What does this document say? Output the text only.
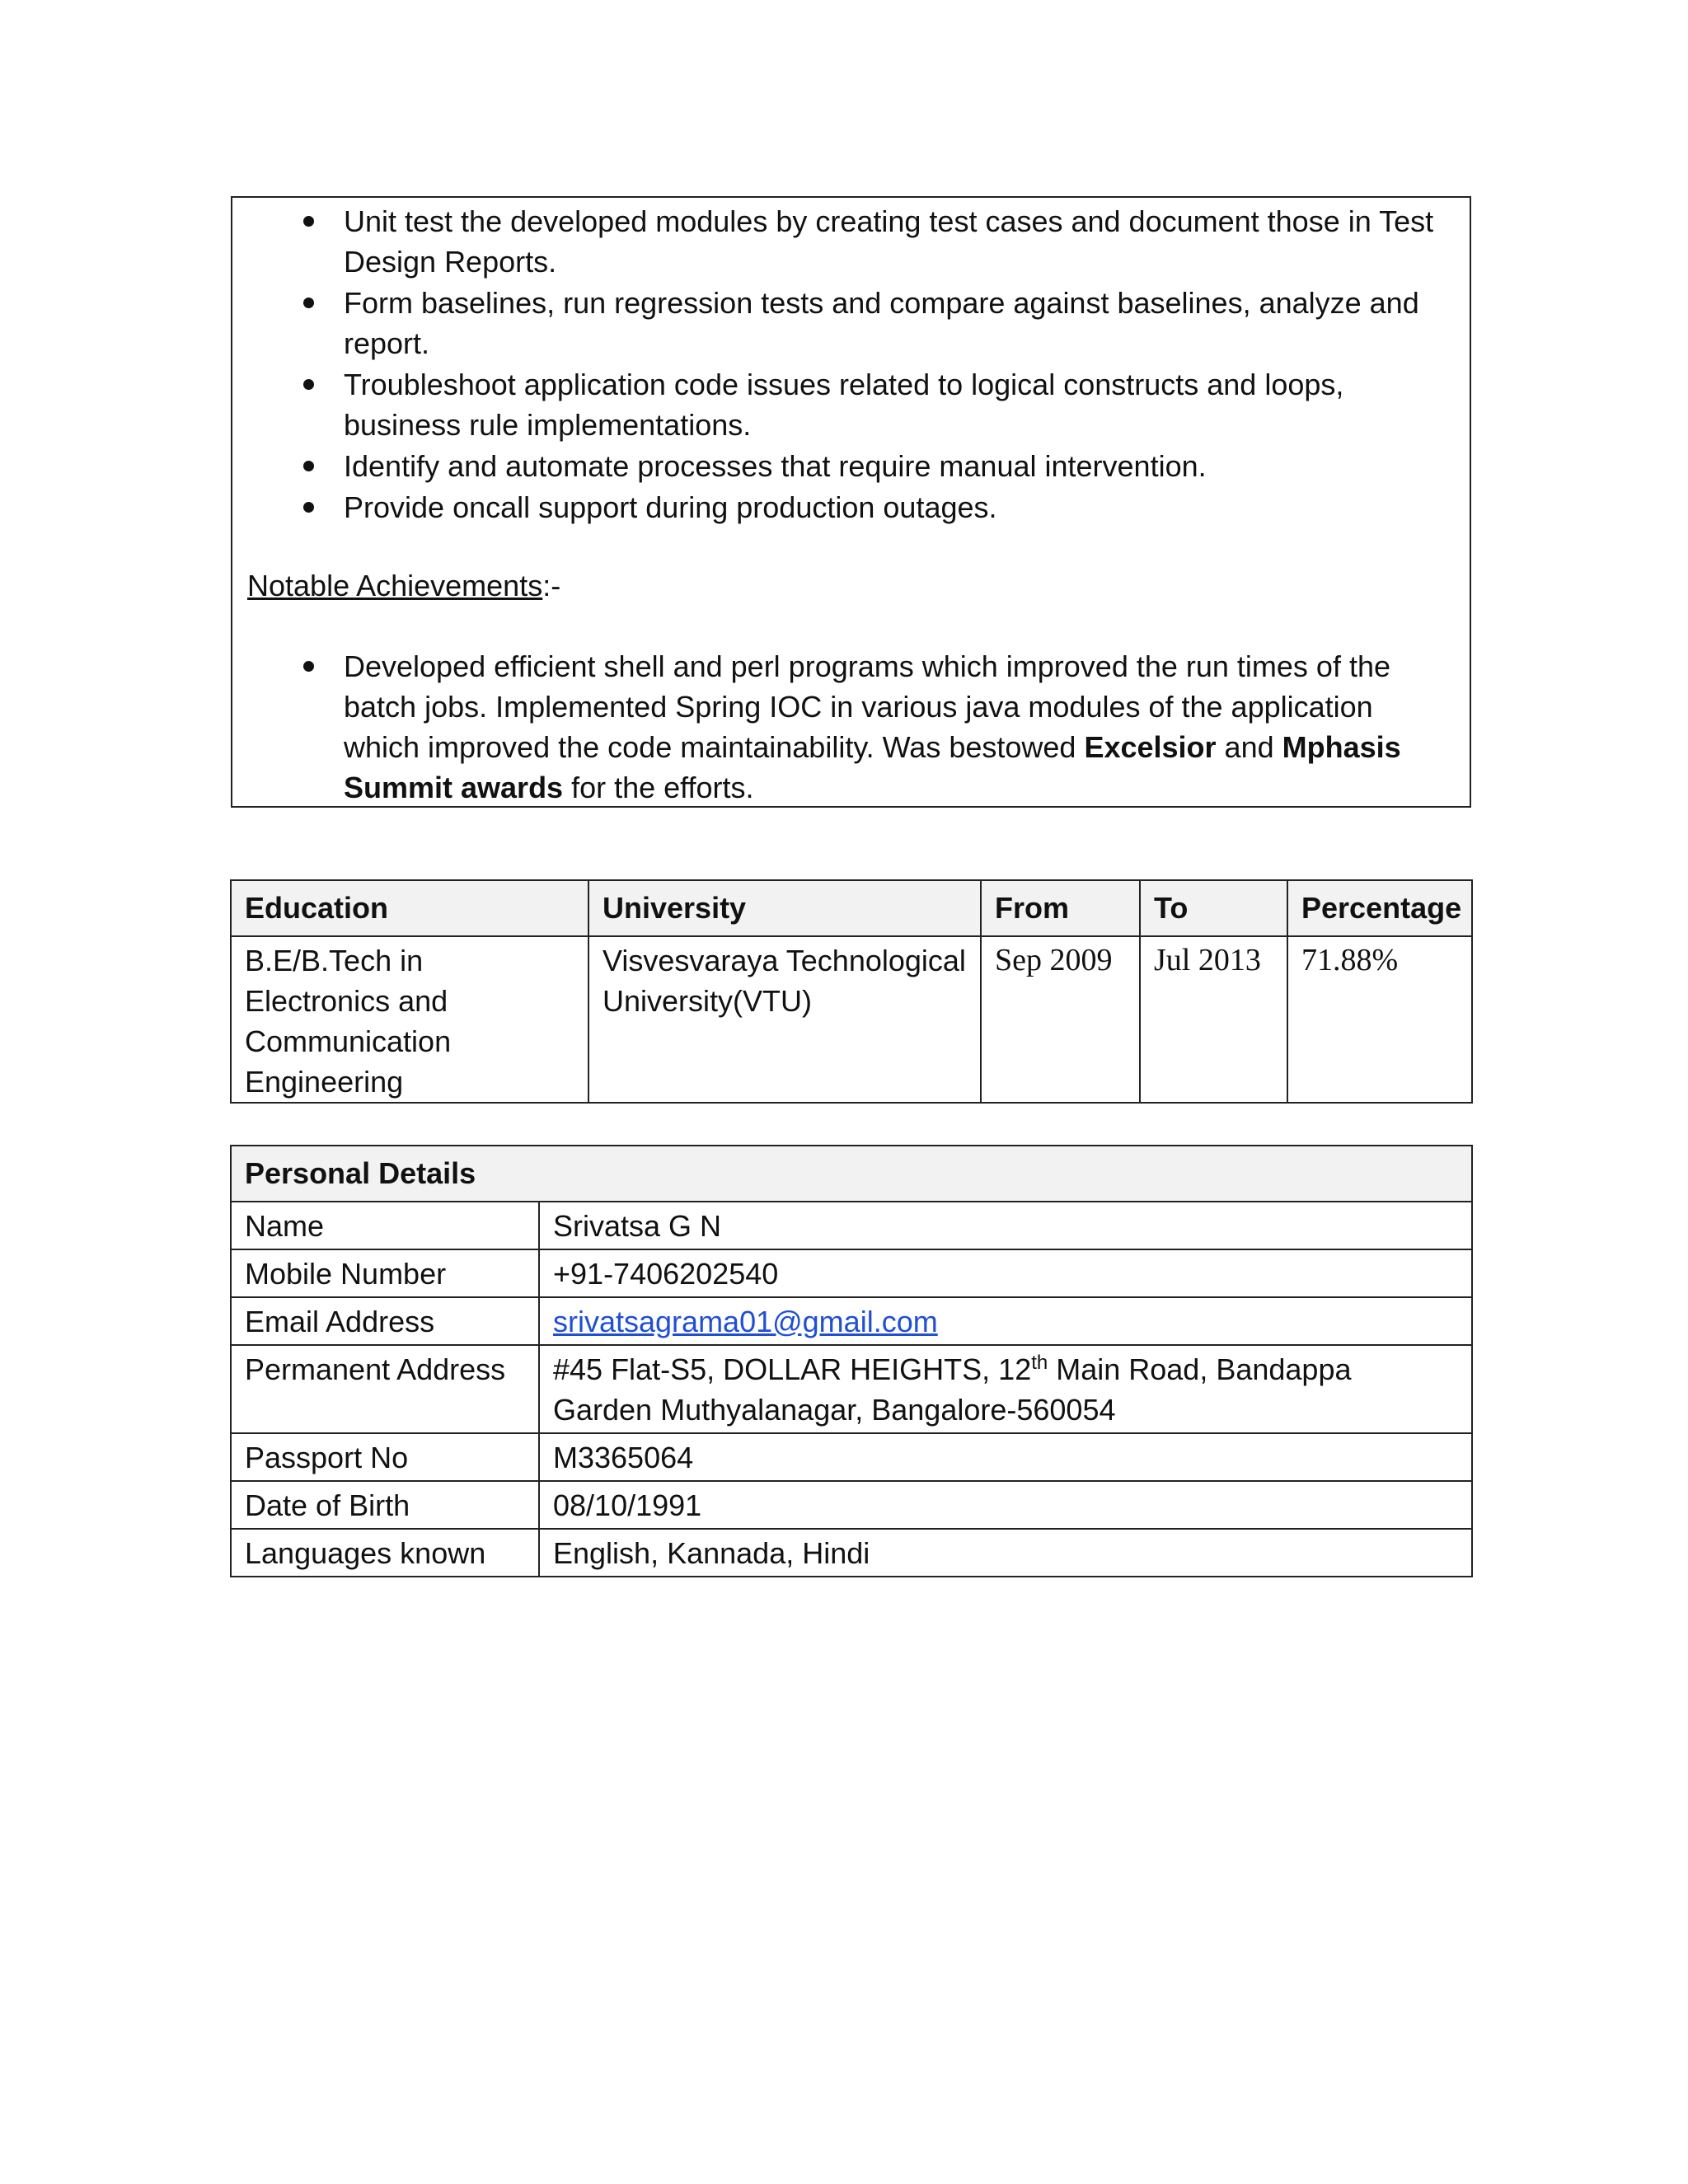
Unit test the developed modules by creating test cases and document those in Test Design Reports.
Form baselines, run regression tests and compare against baselines, analyze and report.
Troubleshoot application code issues related to logical constructs and loops, business rule implementations.
Identify and automate processes that require manual intervention.
Provide oncall support during production outages.
Notable Achievements:-
Developed efficient shell and perl programs which improved the run times of the batch jobs. Implemented Spring IOC in various java modules of the application which improved the code maintainability. Was bestowed Excelsior and Mphasis Summit awards for the efforts.
Education	University	From	To	Percentage
B.E/B.Tech in Electronics and Communication Engineering	Visvesvaraya Technological University(VTU)	Sep 2009	Jul 2013	71.88%
Personal Details	
Name	Srivatsa G N
Mobile Number	+91-7406202540
Email Address	srivatsagrama01@gmail.com
Permanent Address	#45 Flat-S5, DOLLAR HEIGHTS, 12th Main Road, Bandappa Garden Muthyalanagar, Bangalore-560054
Passport No	M3365064
Date of Birth	08/10/1991
Languages known	English, Kannada, Hindi
